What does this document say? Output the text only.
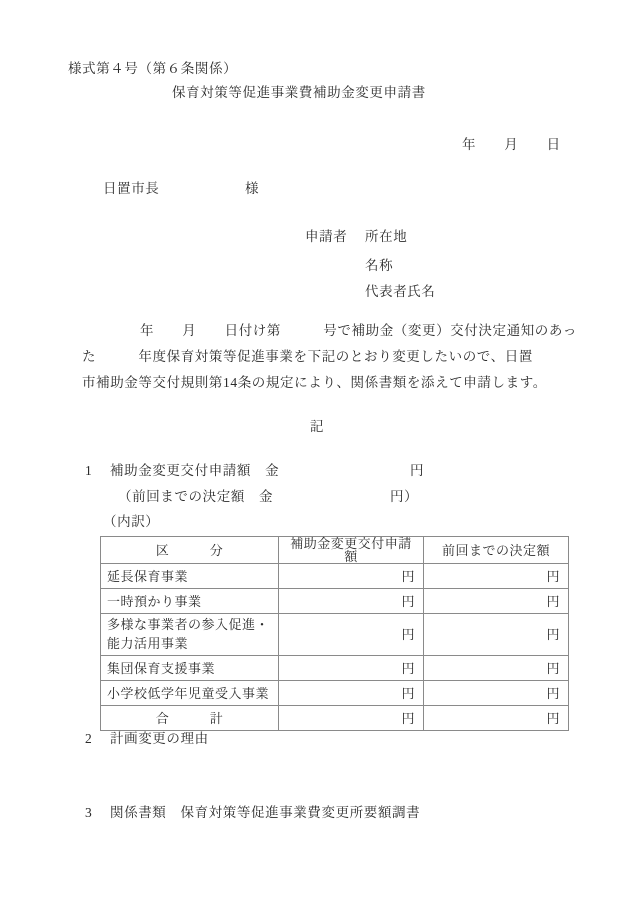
様式第４号（第６条関係）
保育対策等促進事業費補助金変更申請書
年　　月　　日
日置市長	様
申請者 所在地
名称
代表者氏名
年　　月　　日付け第　　　号で補助金（変更）交付決定通知のあっ
た　　　年度保育対策等促進事業を下記のとおり変更したいので、日置
市補助金等交付規則第14条の規定により、関係書類を添えて申請します。
記
1 補助金変更交付申請額　金	円
（前回までの決定額　金	円）
（内訳）
区　　　分	補助金変更交付申請額	前回までの決定額
延長保育事業	円	円
一時預かり事業	円	円

多様な事業者の参入促進・
能力活用事業	円	円
集団保育支援事業	円	円
小学校低学年児童受入事業	円	円
合　　　計	円	円
2 計画変更の理由
3 関係書類　保育対策等促進事業費変更所要額調書
